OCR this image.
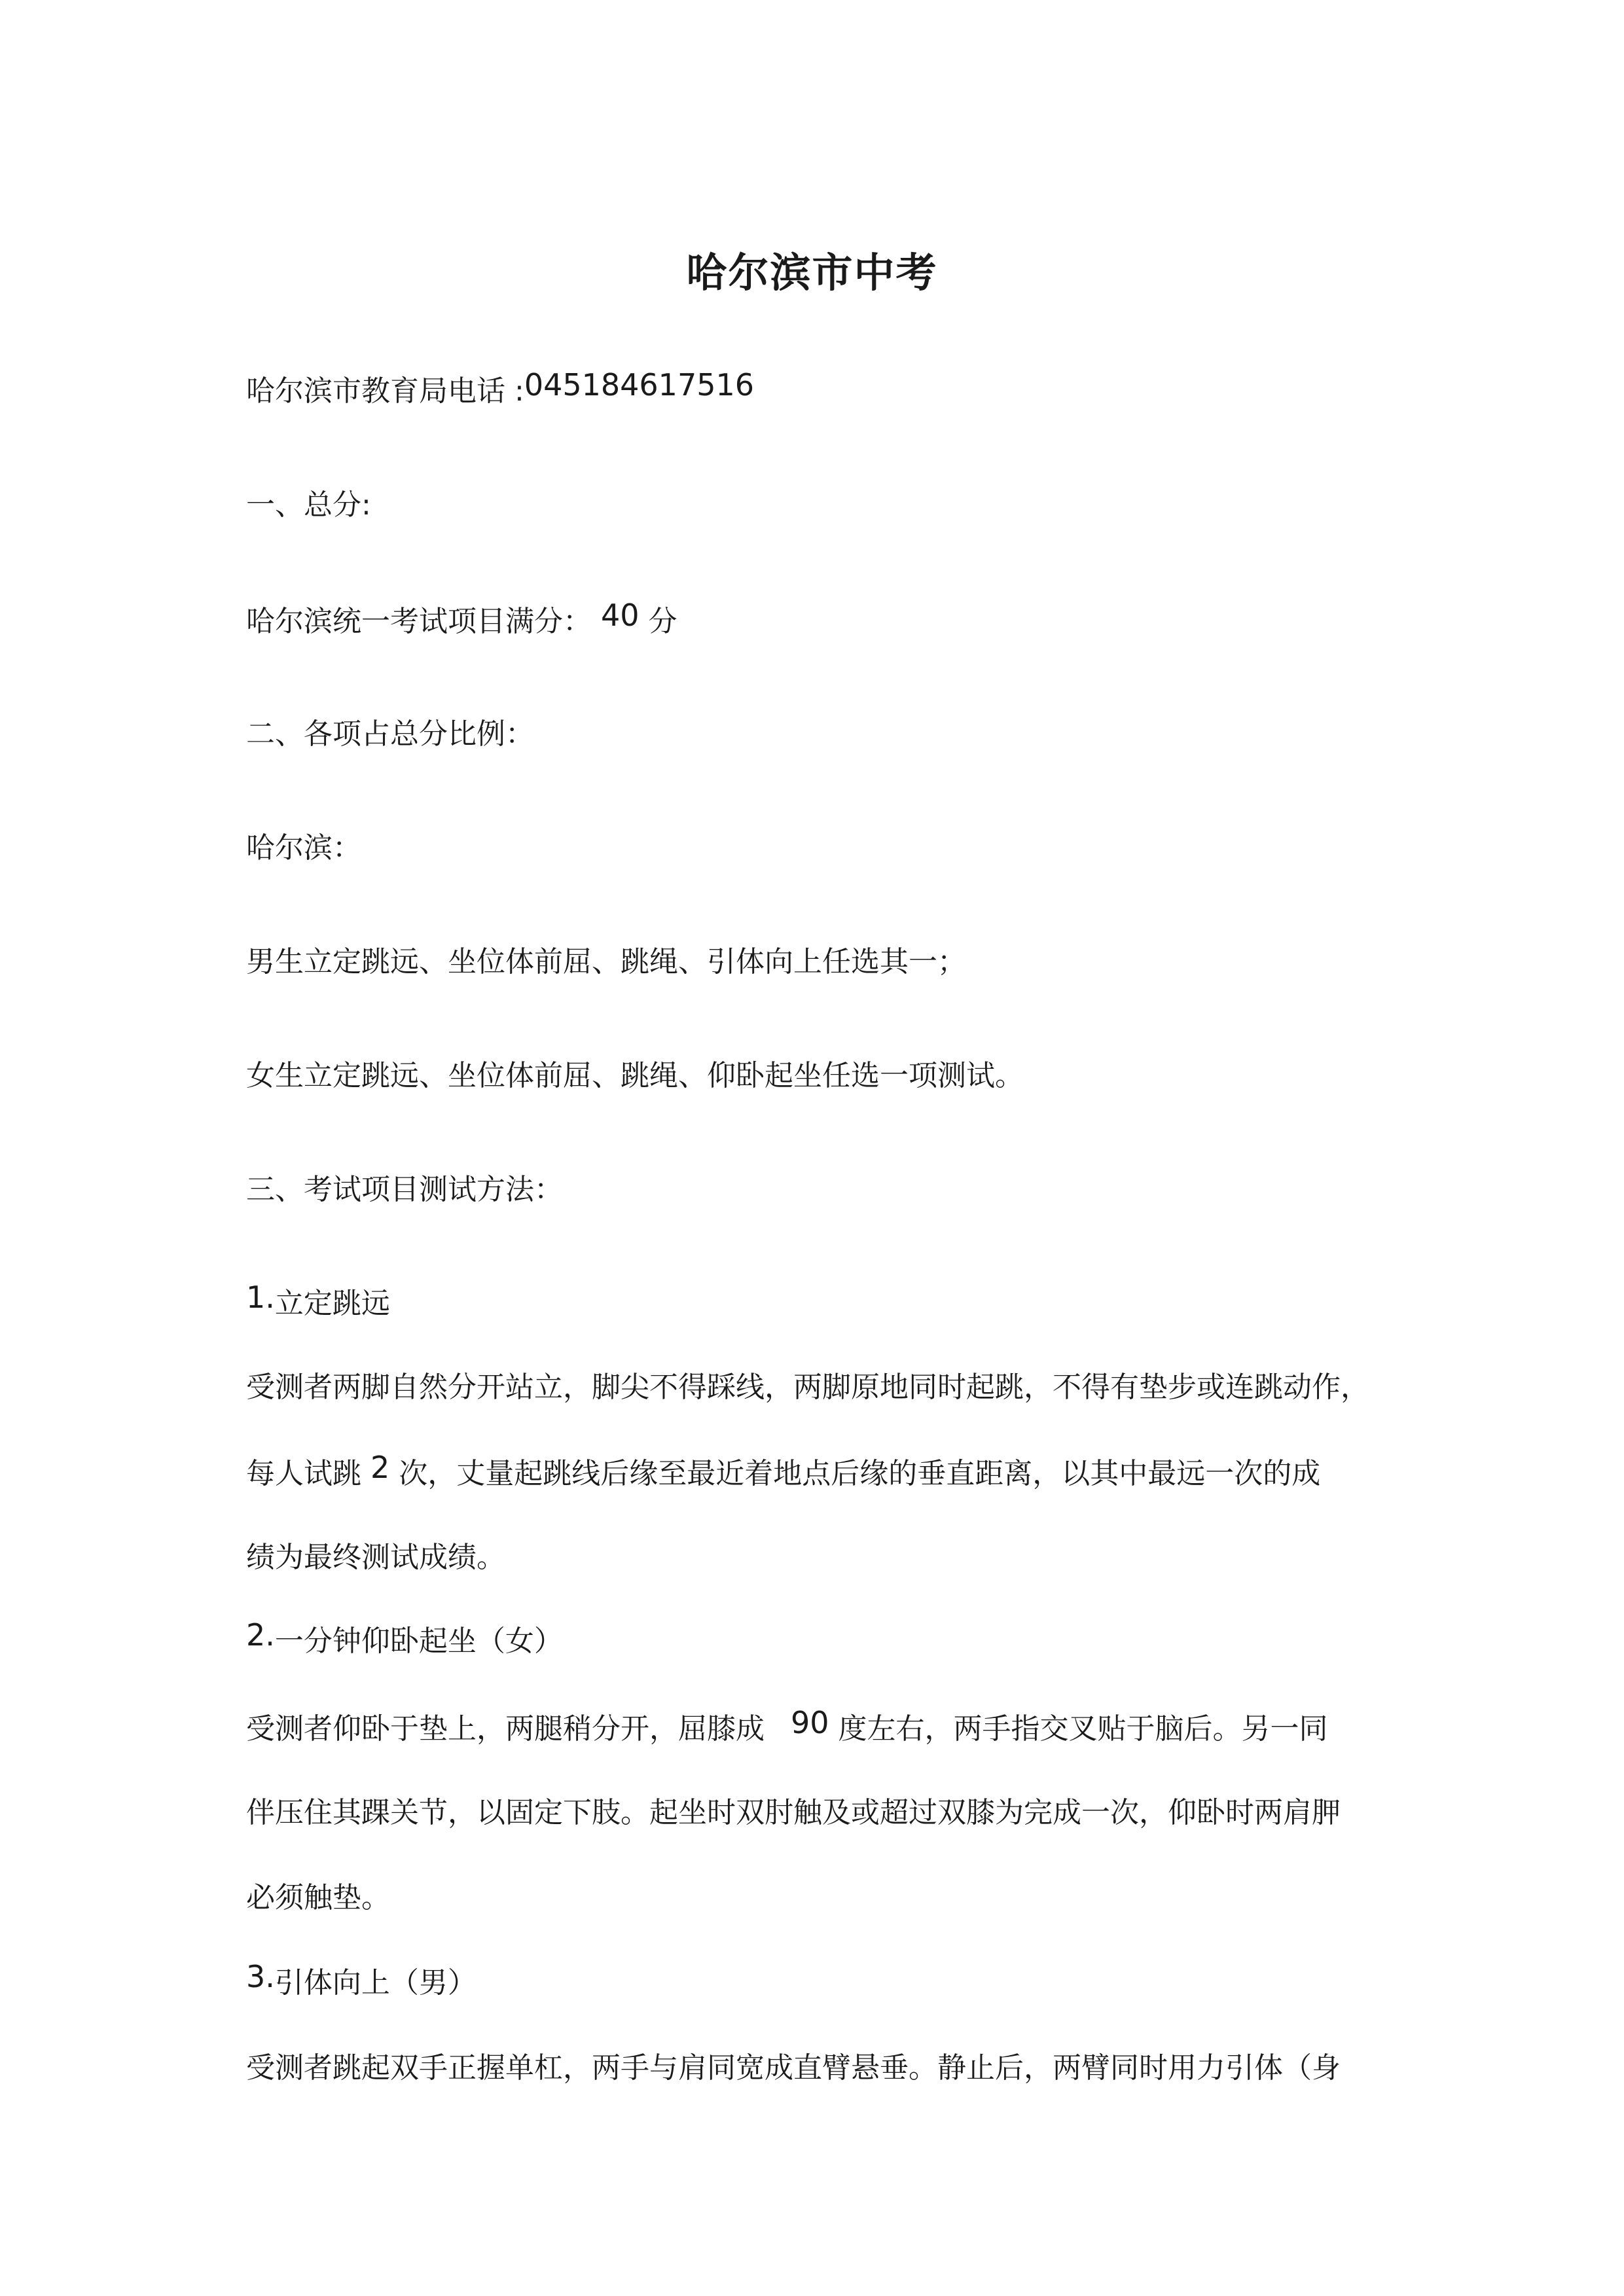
哈尔滨市中考
哈尔滨市教育局电话 :045184617516
一、总分:
哈尔滨统一考试项目满分： 40 分
二、各项占总分比例：
哈尔滨：
男生立定跳远、坐位体前屈、跳绳、引体向上任选其一；
女生立定跳远、坐位体前屈、跳绳、仰卧起坐任选一项测试。
三、考试项目测试方法：
1.立定跳远
受测者两脚自然分开站立，脚尖不得踩线，两脚原地同时起跳，不得有垫步或连跳动作，
每人试跳 2 次，丈量起跳线后缘至最近着地点后缘的垂直距离，以其中最远一次的成
绩为最终测试成绩。
2.一分钟仰卧起坐（女）
受测者仰卧于垫上，两腿稍分开，屈膝成 90 度左右，两手指交叉贴于脑后。另一同
伴压住其踝关节，以固定下肢。起坐时双肘触及或超过双膝为完成一次，仰卧时两肩胛
必须触垫。
3.引体向上（男）
受测者跳起双手正握单杠，两手与肩同宽成直臂悬垂。静止后，两臂同时用力引体（身
